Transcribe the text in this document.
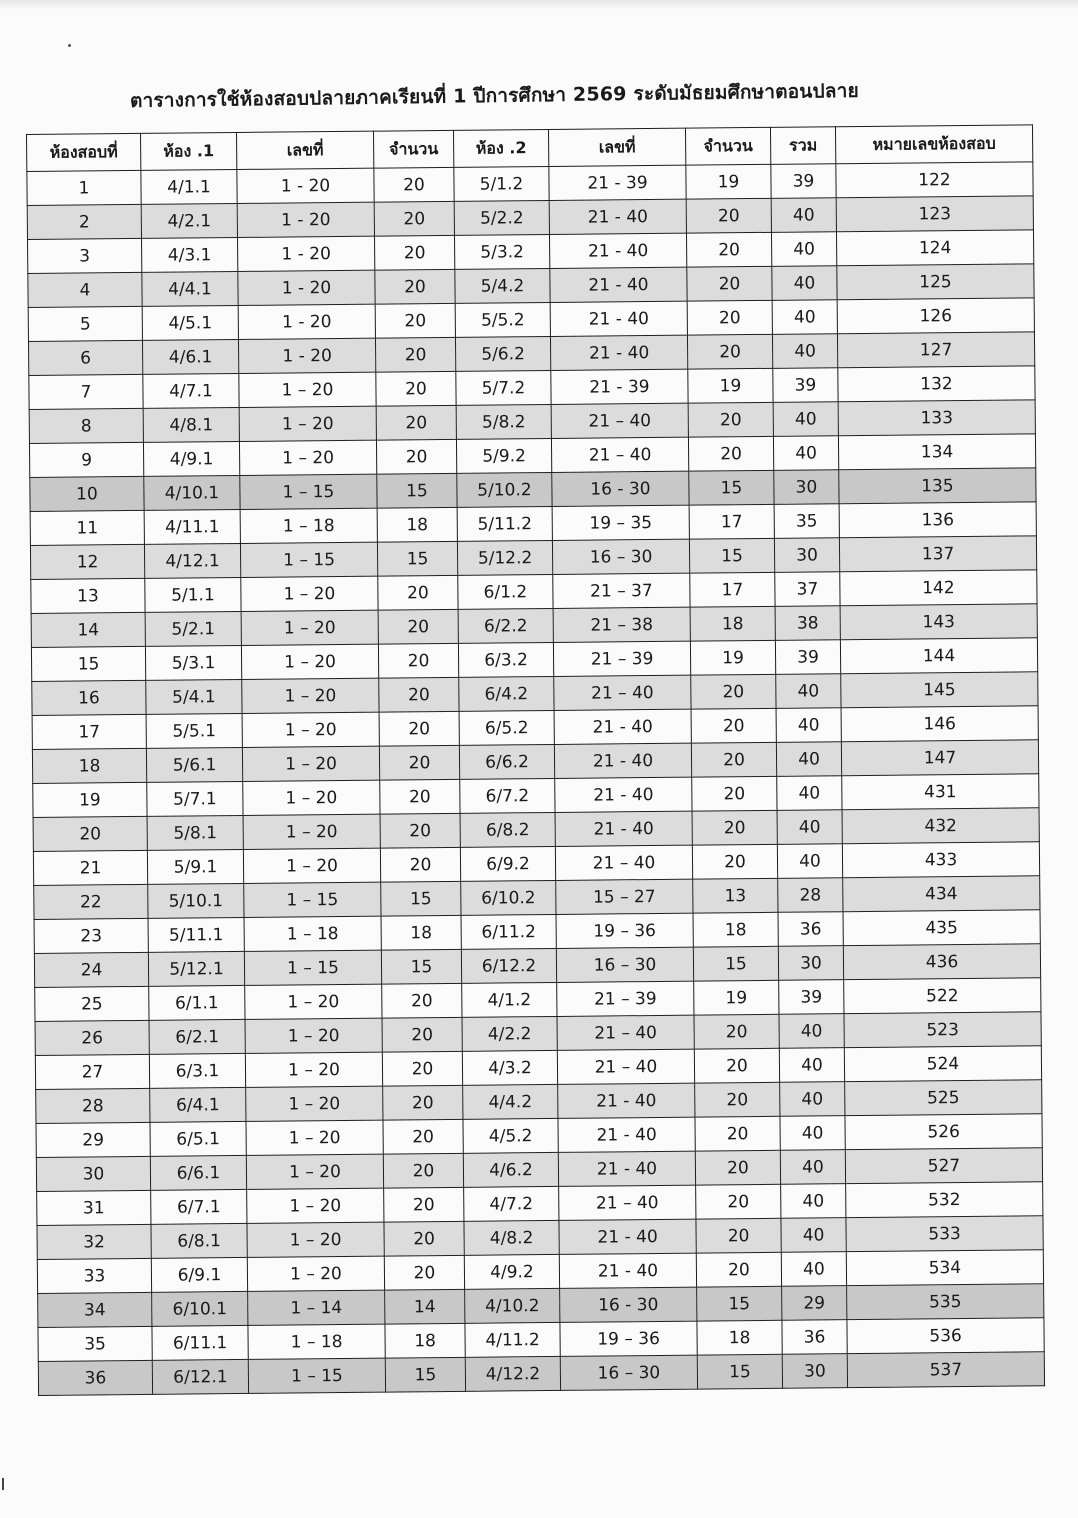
ตารางการใช้ห้องสอบปลายภาคเรียนที่ 1 ปีการศึกษา 2569 ระดับมัธยมศึกษาตอนปลาย
ห้องสอบที่	ห้อง .1	เลขที่	จำนวน	ห้อง .2	เลขที่	จำนวน	รวม	หมายเลขห้องสอบ
1	4/1.1	1 - 20	20	5/1.2	21 - 39	19	39	122
2	4/2.1	1 - 20	20	5/2.2	21 - 40	20	40	123
3	4/3.1	1 - 20	20	5/3.2	21 - 40	20	40	124
4	4/4.1	1 - 20	20	5/4.2	21 - 40	20	40	125
5	4/5.1	1 - 20	20	5/5.2	21 - 40	20	40	126
6	4/6.1	1 - 20	20	5/6.2	21 - 40	20	40	127
7	4/7.1	1 – 20	20	5/7.2	21 - 39	19	39	132
8	4/8.1	1 – 20	20	5/8.2	21 – 40	20	40	133
9	4/9.1	1 – 20	20	5/9.2	21 – 40	20	40	134
10	4/10.1	1 – 15	15	5/10.2	16 - 30	15	30	135
11	4/11.1	1 – 18	18	5/11.2	19 – 35	17	35	136
12	4/12.1	1 – 15	15	5/12.2	16 – 30	15	30	137
13	5/1.1	1 – 20	20	6/1.2	21 – 37	17	37	142
14	5/2.1	1 – 20	20	6/2.2	21 – 38	18	38	143
15	5/3.1	1 – 20	20	6/3.2	21 – 39	19	39	144
16	5/4.1	1 – 20	20	6/4.2	21 – 40	20	40	145
17	5/5.1	1 – 20	20	6/5.2	21 - 40	20	40	146
18	5/6.1	1 – 20	20	6/6.2	21 - 40	20	40	147
19	5/7.1	1 – 20	20	6/7.2	21 - 40	20	40	431
20	5/8.1	1 – 20	20	6/8.2	21 - 40	20	40	432
21	5/9.1	1 – 20	20	6/9.2	21 – 40	20	40	433
22	5/10.1	1 – 15	15	6/10.2	15 – 27	13	28	434
23	5/11.1	1 – 18	18	6/11.2	19 – 36	18	36	435
24	5/12.1	1 – 15	15	6/12.2	16 – 30	15	30	436
25	6/1.1	1 – 20	20	4/1.2	21 – 39	19	39	522
26	6/2.1	1 – 20	20	4/2.2	21 – 40	20	40	523
27	6/3.1	1 – 20	20	4/3.2	21 – 40	20	40	524
28	6/4.1	1 – 20	20	4/4.2	21 - 40	20	40	525
29	6/5.1	1 – 20	20	4/5.2	21 - 40	20	40	526
30	6/6.1	1 – 20	20	4/6.2	21 - 40	20	40	527
31	6/7.1	1 – 20	20	4/7.2	21 – 40	20	40	532
32	6/8.1	1 – 20	20	4/8.2	21 - 40	20	40	533
33	6/9.1	1 – 20	20	4/9.2	21 - 40	20	40	534
34	6/10.1	1 – 14	14	4/10.2	16 - 30	15	29	535
35	6/11.1	1 – 18	18	4/11.2	19 – 36	18	36	536
36	6/12.1	1 – 15	15	4/12.2	16 – 30	15	30	537
